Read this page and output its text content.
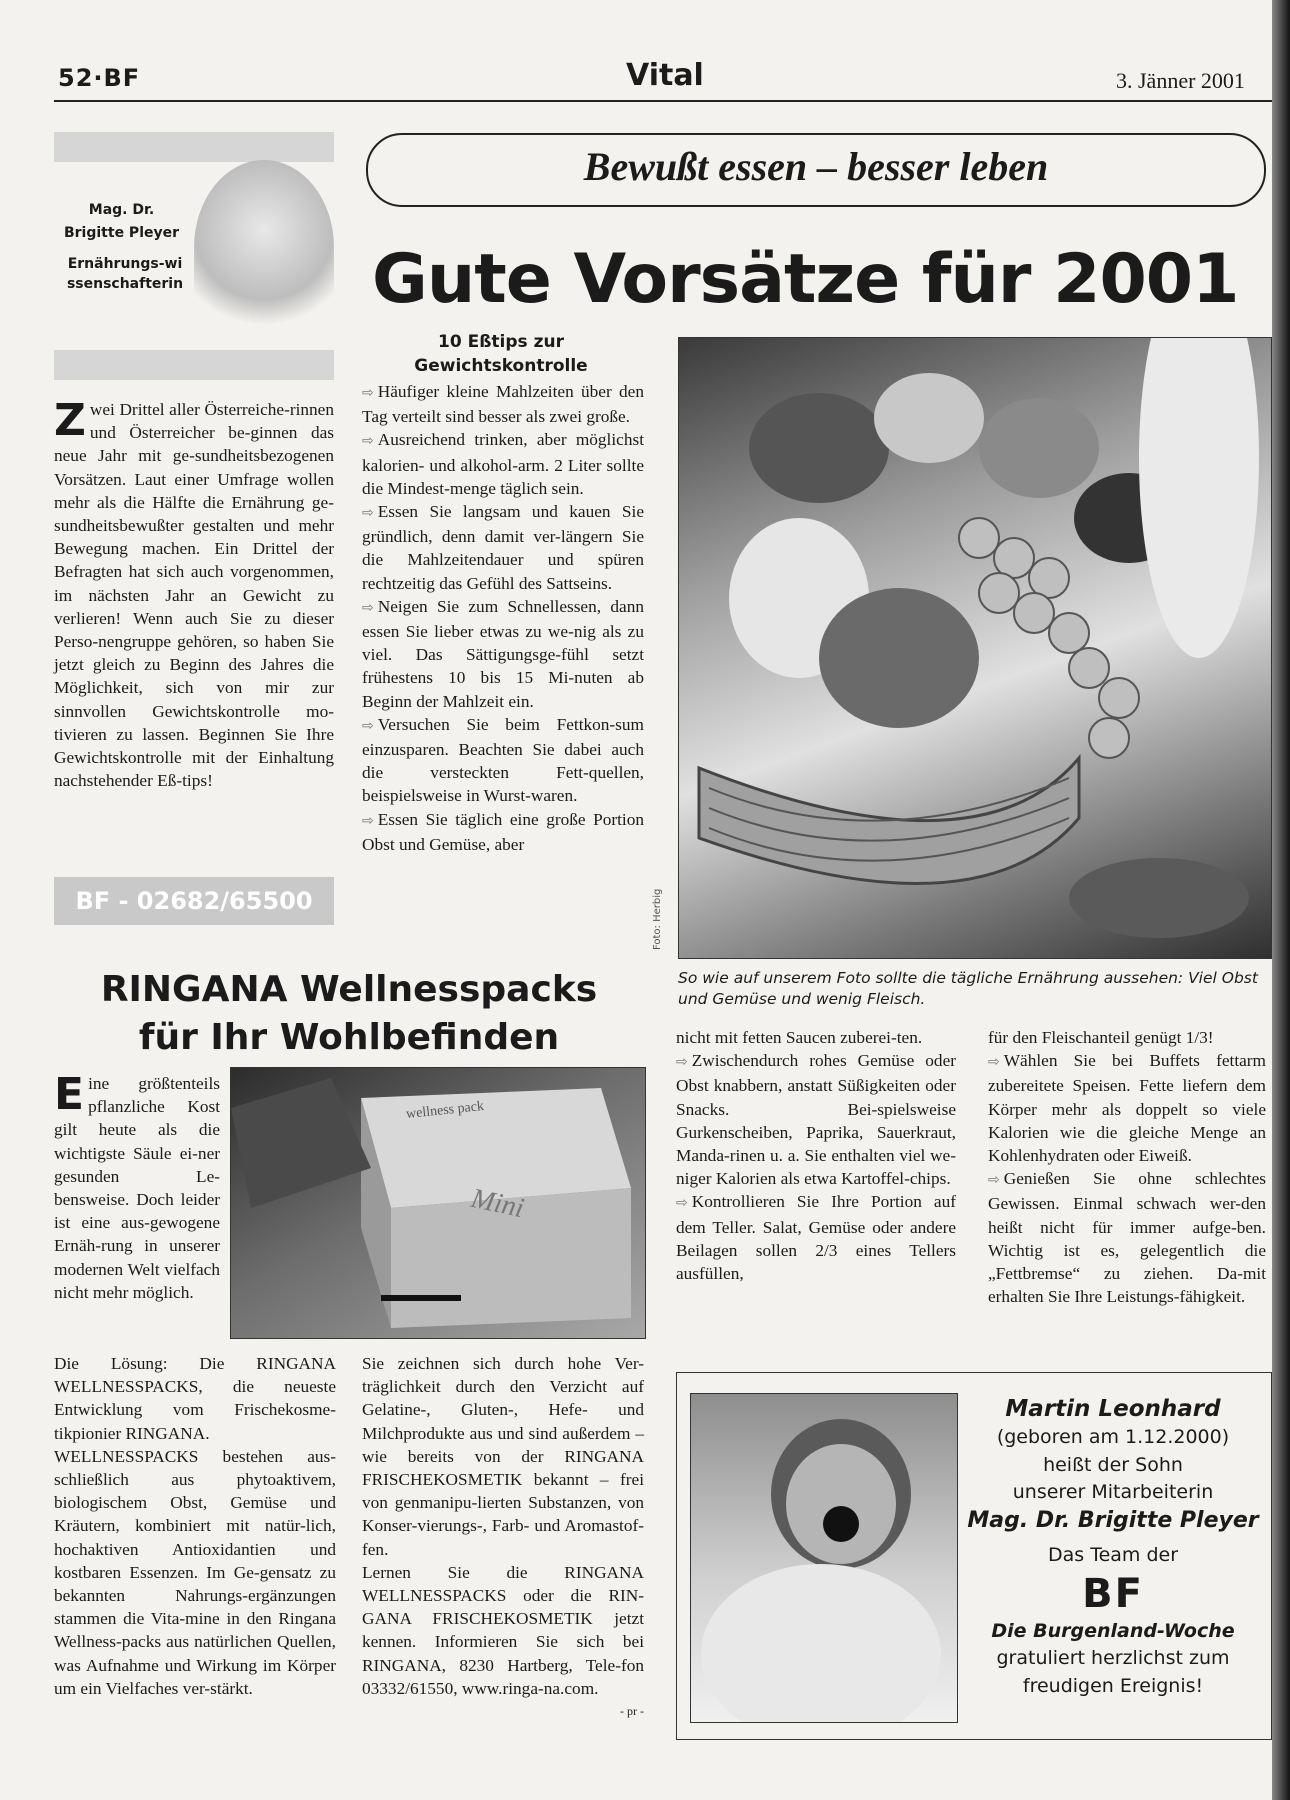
52·BF	Vital	3. Jänner 2001
Mag. Dr.
Brigitte Pleyer
Ernährungs-wissenschafterin
Bewußt essen – besser leben
Gute Vorsätze für 2001
Zwei Drittel aller Österreiche-rinnen und Österreicher be-ginnen das neue Jahr mit ge-sundheitsbezogenen Vorsätzen. Laut einer Umfrage wollen mehr als die Hälfte die Ernährung ge-sundheitsbewußter gestalten und mehr Bewegung machen. Ein Drittel der Befragten hat sich auch vorgenommen, im nächsten Jahr an Gewicht zu verlieren! Wenn auch Sie zu dieser Perso-nengruppe gehören, so haben Sie jetzt gleich zu Beginn des Jahres die Möglichkeit, sich von mir zur sinnvollen Gewichtskontrolle mo-tivieren zu lassen. Beginnen Sie Ihre Gewichtskontrolle mit der Einhaltung nachstehender Eß-tips!
BF - 02682/65500
10 Eßtips zur Gewichtskontrolle

⇨ Häufiger kleine Mahlzeiten über den Tag verteilt sind besser als zwei große.

⇨ Ausreichend trinken, aber möglichst kalorien- und alkohol-arm. 2 Liter sollte die Mindest-menge täglich sein.

⇨ Essen Sie langsam und kauen Sie gründlich, denn damit ver-längern Sie die Mahlzeitendauer und spüren rechtzeitig das Gefühl des Sattseins.

⇨ Neigen Sie zum Schnellessen, dann essen Sie lieber etwas zu we-nig als zu viel. Das Sättigungsge-fühl setzt frühestens 10 bis 15 Mi-nuten ab Beginn der Mahlzeit ein.

⇨ Versuchen Sie beim Fettkon-sum einzusparen. Beachten Sie dabei auch die versteckten Fett-quellen, beispielsweise in Wurst-waren.

⇨ Essen Sie täglich eine große Portion Obst und Gemüse, aber

Foto: Herbig
So wie auf unserem Foto sollte die tägliche Ernährung aussehen: Viel Obst und Gemüse und wenig Fleisch.

nicht mit fetten Saucen zuberei-ten.

⇨ Zwischendurch rohes Gemüse oder Obst knabbern, anstatt Süßigkeiten oder Snacks. Bei-spielsweise Gurkenscheiben, Paprika, Sauerkraut, Manda-rinen u. a. Sie enthalten viel we-niger Kalorien als etwa Kartoffel-chips.

⇨ Kontrollieren Sie Ihre Portion auf dem Teller. Salat, Gemüse oder andere Beilagen sollen 2/3 eines Tellers ausfüllen,

für den Fleischanteil genügt 1/3!

⇨ Wählen Sie bei Buffets fettarm zubereitete Speisen. Fette liefern dem Körper mehr als doppelt so viele Kalorien wie die gleiche Menge an Kohlenhydraten oder Eiweiß.

⇨ Genießen Sie ohne schlechtes Gewissen. Einmal schwach wer-den heißt nicht für immer aufge-ben. Wichtig ist es, gelegentlich die „Fettbremse“ zu ziehen. Da-mit erhalten Sie Ihre Leistungs-fähigkeit.

RINGANA Wellnesspacks
für Ihr Wohlbefinden
wellness pack
Mini
Eine größtenteils pflanzliche Kost gilt heute als die wichtigste Säule ei-ner gesunden Le-bensweise. Doch leider ist eine aus-gewogene Ernäh-rung in unserer modernen Welt vielfach nicht mehr möglich.

Die Lösung: Die RINGANA WELLNESSPACKS, die neueste Entwicklung vom Frischekosme-tikpionier RINGANA.

WELLNESSPACKS bestehen aus-schließlich aus phytoaktivem, biologischem Obst, Gemüse und Kräutern, kombiniert mit natür-lich, hochaktiven Antioxidantien und kostbaren Essenzen. Im Ge-gensatz zu bekannten Nahrungs-ergänzungen stammen die Vita-mine in den Ringana Wellness-packs aus natürlichen Quellen, was Aufnahme und Wirkung im Körper um ein Vielfaches ver-stärkt.

Sie zeichnen sich durch hohe Ver-träglichkeit durch den Verzicht auf Gelatine-, Gluten-, Hefe- und Milchprodukte aus und sind außerdem – wie bereits von der RINGANA FRISCHEKOSMETIK bekannt – frei von genmanipu-lierten Substanzen, von Konser-vierungs-, Farb- und Aromastof-fen.

Lernen Sie die RINGANA WELLNESSPACKS oder die RIN-GANA FRISCHEKOSMETIK jetzt kennen. Informieren Sie sich bei RINGANA, 8230 Hartberg, Tele-fon 03332/61550, www.ringa-na.com.

- pr -

Martin Leonhard
(geboren am 1.12.2000)
heißt der Sohn
unserer Mitarbeiterin
Mag. Dr. Brigitte Pleyer
Das Team der
BF
Die Burgenland-Woche
gratuliert herzlichst zum
freudigen Ereignis!
